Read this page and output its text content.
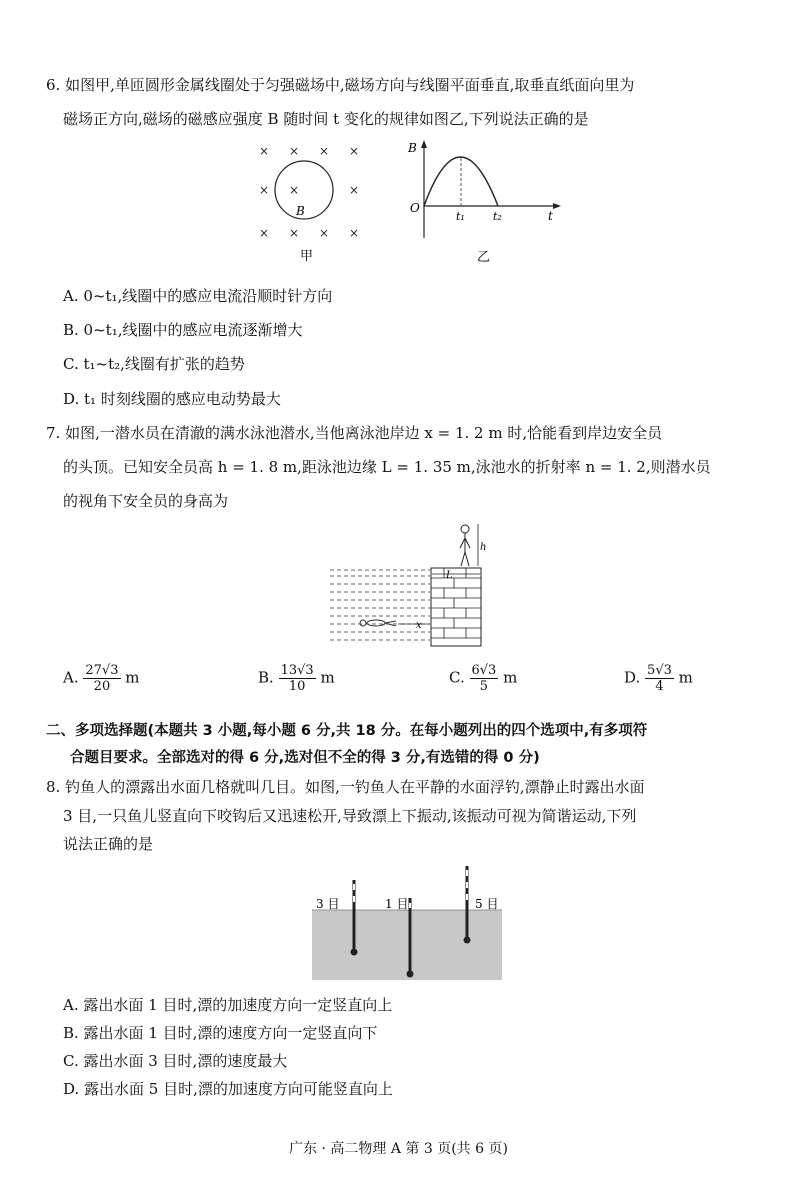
6. 如图甲,单匝圆形金属线圈处于匀强磁场中,磁场方向与线圈平面垂直,取垂直纸面向里为
磁场正方向,磁场的磁感应强度 B 随时间 t 变化的规律如图乙,下列说法正确的是
× × × ×
× ×	×
× × × ×
B
甲
B
O
t₁	t₂	t
乙
A. 0~t₁,线圈中的感应电流沿顺时针方向
B. 0~t₁,线圈中的感应电流逐渐增大
C. t₁~t₂,线圈有扩张的趋势
D. t₁ 时刻线圈的感应电动势最大
7. 如图,一潜水员在清澈的满水泳池潜水,当他离泳池岸边 x = 1. 2 m 时,恰能看到岸边安全员
的头顶。已知安全员高 h = 1. 8 m,距泳池边缘 L = 1. 35 m,泳池水的折射率 n = 1. 2,则潜水员
的视角下安全员的身高为
h
L
x
A. $\frac{27√3}{20}$ m	B. $\frac{13√3}{10}$ m	C. $\frac{6√3}{5}$ m	D. $\frac{5√3}{4}$ m
二、多项选择题(本题共 3 小题,每小题 6 分,共 18 分。在每小题列出的四个选项中,有多项符
合题目要求。全部选对的得 6 分,选对但不全的得 3 分,有选错的得 0 分)
8. 钓鱼人的漂露出水面几格就叫几目。如图,一钓鱼人在平静的水面浮钓,漂静止时露出水面
3 目,一只鱼儿竖直向下咬钩后又迅速松开,导致漂上下振动,该振动可视为简谐运动,下列
说法正确的是
3 目	1 目	5 目
A. 露出水面 1 目时,漂的加速度方向一定竖直向上
B. 露出水面 1 目时,漂的速度方向一定竖直向下
C. 露出水面 3 目时,漂的速度最大
D. 露出水面 5 目时,漂的加速度方向可能竖直向上
广东 · 高二物理 A 第 3 页(共 6 页)
